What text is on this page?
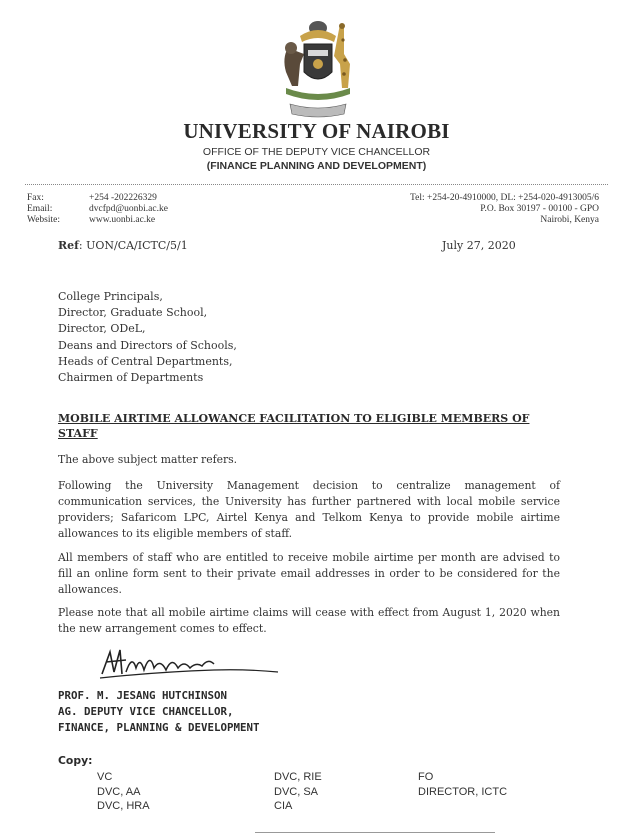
UNIVERSITY OF NAIROBI
OFFICE OF THE DEPUTY VICE CHANCELLOR
(FINANCE PLANNING AND DEVELOPMENT)
Fax:	+254 -202226329
Email:	dvcfpd@uonbi.ac.ke
Website:	www.uonbi.ac.ke
Tel: +254-20-4910000, DL: +254-020-4913005/6
P.O. Box 30197 - 00100 - GPO
Nairobi, Kenya
Ref: UON/CA/ICTC/5/1	July 27, 2020
College Principals,
Director, Graduate School,
Director, ODeL,
Deans and Directors of Schools,
Heads of Central Departments,
Chairmen of Departments
MOBILE AIRTIME ALLOWANCE FACILITATION TO ELIGIBLE MEMBERS OF STAFF
The above subject matter refers.
Following the University Management decision to centralize management of communication services, the University has further partnered with local mobile service providers; Safaricom LPC, Airtel Kenya and Telkom Kenya to provide mobile airtime allowances to its eligible members of staff.
All members of staff who are entitled to receive mobile airtime per month are advised to fill an online form sent to their private email addresses in order to be considered for the allowances.
Please note that all mobile airtime claims will cease with effect from August 1, 2020 when the new arrangement comes to effect.
PROF. M. JESANG HUTCHINSON
AG. DEPUTY VICE CHANCELLOR,
FINANCE, PLANNING & DEVELOPMENT
Copy:
VC
DVC, AA
DVC, HRA
DVC, RIE
DVC, SA
CIA
FO
DIRECTOR, ICTC
